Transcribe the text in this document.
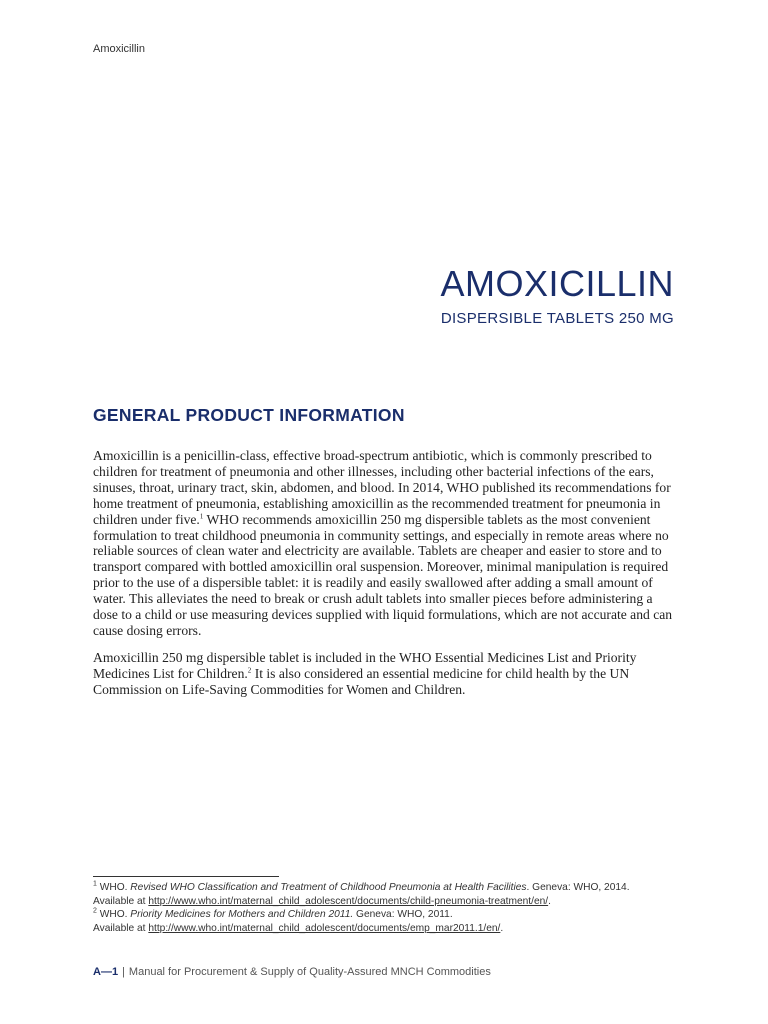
Amoxicillin
AMOXICILLIN
DISPERSIBLE TABLETS 250 MG
GENERAL PRODUCT INFORMATION

Amoxicillin is a penicillin-class, effective broad-spectrum antibiotic, which is commonly prescribed to children for treatment of pneumonia and other illnesses, including other bacterial infections of the ears, sinuses, throat, urinary tract, skin, abdomen, and blood. In 2014, WHO published its recommendations for home treatment of pneumonia, establishing amoxicillin as the recommended treatment for pneumonia in children under five.$^1$ WHO recommends amoxicillin 250 mg dispersible tablets as the most convenient formulation to treat childhood pneumonia in community settings, and especially in remote areas where no reliable sources of clean water and electricity are available. Tablets are cheaper and easier to store and to transport compared with bottled amoxicillin oral suspension. Moreover, minimal manipulation is required prior to the use of a dispersible tablet: it is readily and easily swallowed after adding a small amount of water. This alleviates the need to break or crush adult tablets into smaller pieces before administering a dose to a child or use measuring devices supplied with liquid formulations, which are not accurate and can cause dosing errors.

Amoxicillin 250 mg dispersible tablet is included in the WHO Essential Medicines List and Priority Medicines List for Children.$^2$ It is also considered an essential medicine for child health by the UN Commission on Life-Saving Commodities for Women and Children.

$^1$ WHO. Revised WHO Classification and Treatment of Childhood Pneumonia at Health Facilities. Geneva: WHO, 2014.
Available at http://www.who.int/maternal_child_adolescent/documents/child-pneumonia-treatment/en/.
$^2$ WHO. Priority Medicines for Mothers and Children 2011. Geneva: WHO, 2011.
Available at http://www.who.int/maternal_child_adolescent/documents/emp_mar2011.1/en/.
A—1 | Manual for Procurement & Supply of Quality-Assured MNCH Commodities
